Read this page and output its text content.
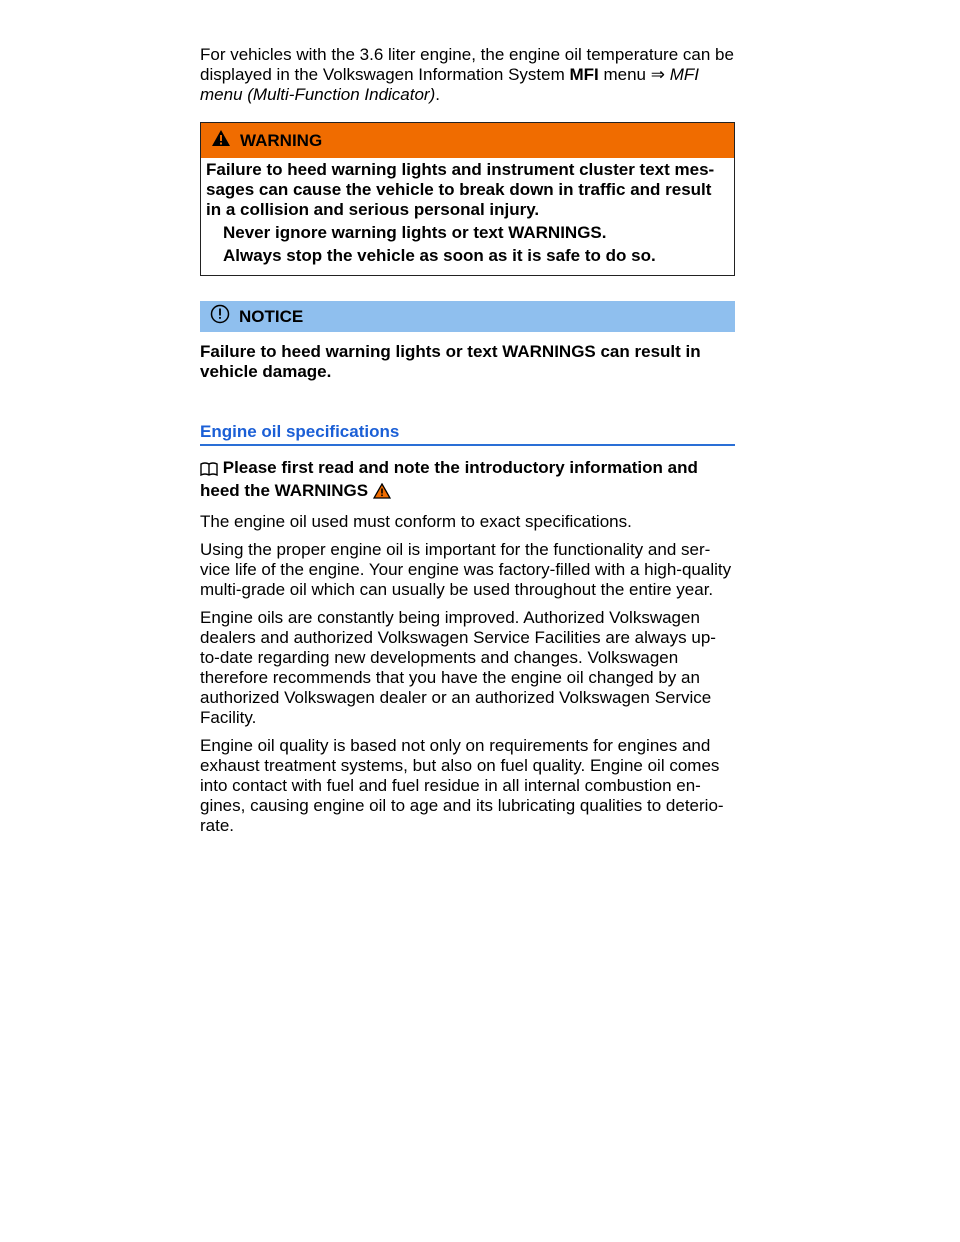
For vehicles with the 3.6 liter engine, the engine oil temperature can be displayed in the Volkswagen Information System MFI menu ⇒ MFI menu (Multi-Function Indicator).

WARNING

Failure to heed warning lights and instrument cluster text mes-sages can cause the vehicle to break down in traffic and result in a collision and serious personal injury.

Never ignore warning lights or text WARNINGS.

Always stop the vehicle as soon as it is safe to do so.

NOTICE

Failure to heed warning lights or text WARNINGS can result in vehicle damage.

Engine oil specifications

Please first read and note the introductory information and heed the WARNINGS

The engine oil used must conform to exact specifications.

Using the proper engine oil is important for the functionality and ser-vice life of the engine. Your engine was factory-filled with a high-quality multi-grade oil which can usually be used throughout the entire year.

Engine oils are constantly being improved. Authorized Volkswagen dealers and authorized Volkswagen Service Facilities are always up-to-date regarding new developments and changes. Volkswagen therefore recommends that you have the engine oil changed by an authorized Volkswagen dealer or an authorized Volkswagen Service Facility.

Engine oil quality is based not only on requirements for engines and exhaust treatment systems, but also on fuel quality. Engine oil comes into contact with fuel and fuel residue in all internal combustion en-gines, causing engine oil to age and its lubricating qualities to deterio-rate.
